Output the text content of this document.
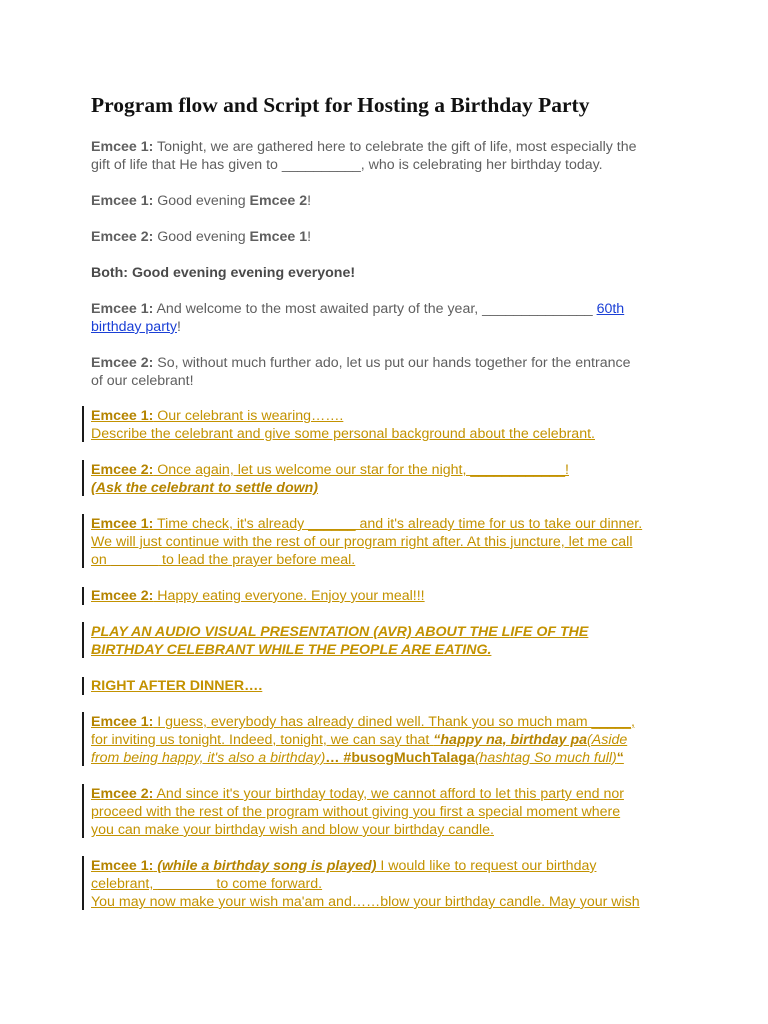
Program flow and Script for Hosting a Birthday Party

Emcee 1: Tonight, we are gathered here to celebrate the gift of life, most especially the
gift of life that He has given to __________, who is celebrating her birthday today.

Emcee 1: Good evening Emcee 2!

Emcee 2: Good evening Emcee 1!

Both: Good evening evening everyone!

Emcee 1: And welcome to the most awaited party of the year, ______________ 60th
birthday party!

Emcee 2: So, without much further ado, let us put our hands together for the entrance
of our celebrant!

Emcee 1: Our celebrant is wearing…….
Describe the celebrant and give some personal background about the celebrant.

Emcee 2: Once again, let us welcome our star for the night, ____________!
(Ask the celebrant to settle down)

Emcee 1: Time check, it's already ______ and it's already time for us to take our dinner.
We will just continue with the rest of our program right after. At this juncture, let me call
on ______ to lead the prayer before meal.

Emcee 2: Happy eating everyone. Enjoy your meal!!!

PLAY AN AUDIO VISUAL PRESENTATION (AVR) ABOUT THE LIFE OF THE
BIRTHDAY CELEBRANT WHILE THE PEOPLE ARE EATING.

RIGHT AFTER DINNER….

Emcee 1: I guess, everybody has already dined well. Thank you so much mam _____,
for inviting us tonight. Indeed, tonight, we can say that “happy na, birthday pa(Aside
from being happy, it's also a birthday)… #busogMuchTalaga(hashtag So much full)“

Emcee 2: And since it's your birthday today, we cannot afford to let this party end nor
proceed with the rest of the program without giving you first a special moment where
you can make your birthday wish and blow your birthday candle.

Emcee 1: (while a birthday song is played) I would like to request our birthday
celebrant, _______ to come forward.
You may now make your wish ma'am and……blow your birthday candle. May your wish
